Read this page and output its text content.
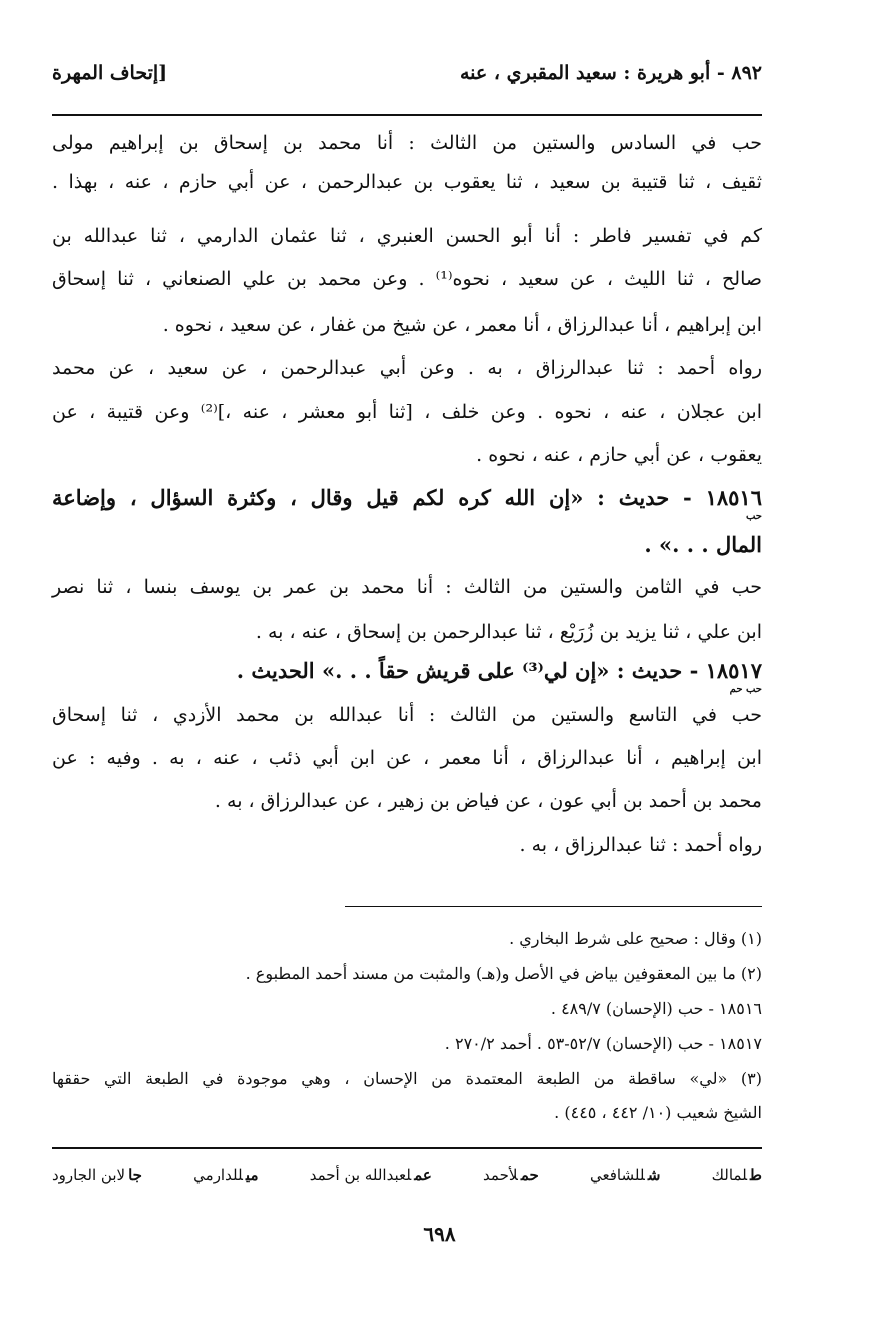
٨٩٢ - أبو هريرة : سعيد المقبري ، عنه
[إتحاف المهرة
حب في السادس والستين من الثالث : أنا محمد بن إسحاق بن إبراهيم مولى
ثقيف ، ثنا قتيبة بن سعيد ، ثنا يعقوب بن عبدالرحمن ، عن أبي حازم ، عنه ، بهذا .
كم في تفسير فاطر : أنا أبو الحسن العنبري ، ثنا عثمان الدارمي ، ثنا عبدالله بن
صالح ، ثنا الليث ، عن سعيد ، نحوه⁽¹⁾ . وعن محمد بن علي الصنعاني ، ثنا إسحاق
ابن إبراهيم ، أنا عبدالرزاق ، أنا معمر ، عن شيخ من غفار ، عن سعيد ، نحوه .
رواه أحمد : ثنا عبدالرزاق ، به . وعن أبي عبدالرحمن ، عن سعيد ، عن محمد
ابن عجلان ، عنه ، نحوه . وعن خلف ، [ثنا أبو معشر ، عنه ،]⁽²⁾ وعن قتيبة ، عن
يعقوب ، عن أبي حازم ، عنه ، نحوه .
١٨٥١٦ - حديث : «إن الله كره لكم قيل وقال ، وكثرة السؤال ، وإضاعة
حب
المال . . .» .
حب في الثامن والستين من الثالث : أنا محمد بن عمر بن يوسف بنسا ، ثنا نصر
ابن علي ، ثنا يزيد بن زُرَيْع ، ثنا عبدالرحمن بن إسحاق ، عنه ، به .
١٨٥١٧ - حديث : «إن لي⁽³⁾ على قريش حقاً . . .» الحديث .
حب حم
حب في التاسع والستين من الثالث : أنا عبدالله بن محمد الأزدي ، ثنا إسحاق
ابن إبراهيم ، أنا عبدالرزاق ، أنا معمر ، عن ابن أبي ذئب ، عنه ، به . وفيه : عن
محمد بن أحمد بن أبي عون ، عن فياض بن زهير ، عن عبدالرزاق ، به .
رواه أحمد : ثنا عبدالرزاق ، به .
(١) وقال : صحيح على شرط البخاري .
(٢) ما بين المعقوفين بياض في الأصل و(هـ) والمثبت من مسند أحمد المطبوع .
١٨٥١٦ - حب (الإحسان) ٤٨٩/٧ .
١٨٥١٧ - حب (الإحسان) ٥٢/٧-٥٣ . أحمد ٢٧٠/٢ .
(٣) «لي» ساقطة من الطبعة المعتمدة من الإحسان ، وهي موجودة في الطبعة التي حققها
الشيخ شعيب (١٠/ ٤٤٢ ، ٤٤٥) .
طلمالك
شللشافعي
حملأحمد
عملعبدالله بن أحمد
ميللدارمي
جالابن الجارود
٦٩٨
